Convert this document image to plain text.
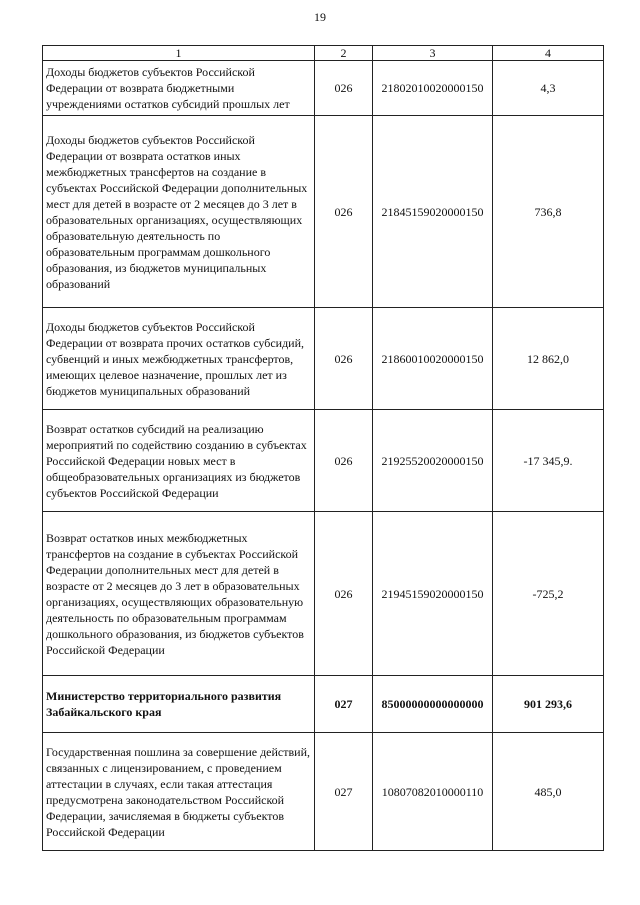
19
1	2	3	4
Доходы бюджетов субъектов Российской Федерации от возврата бюджетными учреждениями остатков субсидий прошлых лет	026	21802010020000150	4,3
Доходы бюджетов субъектов Российской Федерации от возврата остатков иных межбюджетных трансфертов на создание в субъектах Российской Федерации дополнительных мест для детей в возрасте от 2 месяцев до 3 лет в образовательных организациях, осуществляющих образовательную деятельность по образовательным программам дошкольного образования, из бюджетов муниципальных образований	026	21845159020000150	736,8
Доходы бюджетов субъектов Российской Федерации от возврата прочих остатков субсидий, субвенций и иных межбюджетных трансфертов, имеющих целевое назначение, прошлых лет из бюджетов муниципальных образований	026	21860010020000150	12 862,0
Возврат остатков субсидий на реализацию мероприятий по содействию созданию в субъектах Российской Федерации новых мест в общеобразовательных организациях из бюджетов субъектов Российской Федерации	026	21925520020000150	-17 345,9.
Возврат остатков иных межбюджетных трансфертов на создание в субъектах Российской Федерации дополнительных мест для детей в возрасте от 2 месяцев до 3 лет в образовательных организациях, осуществляющих образовательную деятельность по образовательным программам дошкольного образования, из бюджетов субъектов Российской Федерации	026	21945159020000150	-725,2
Министерство территориального развития Забайкальского края	027	85000000000000000	901 293,6
Государственная пошлина за совершение действий, связанных с лицензированием, с проведением аттестации в случаях, если такая аттестация предусмотрена законодательством Российской Федерации, зачисляемая в бюджеты субъектов Российской Федерации	027	10807082010000110	485,0
